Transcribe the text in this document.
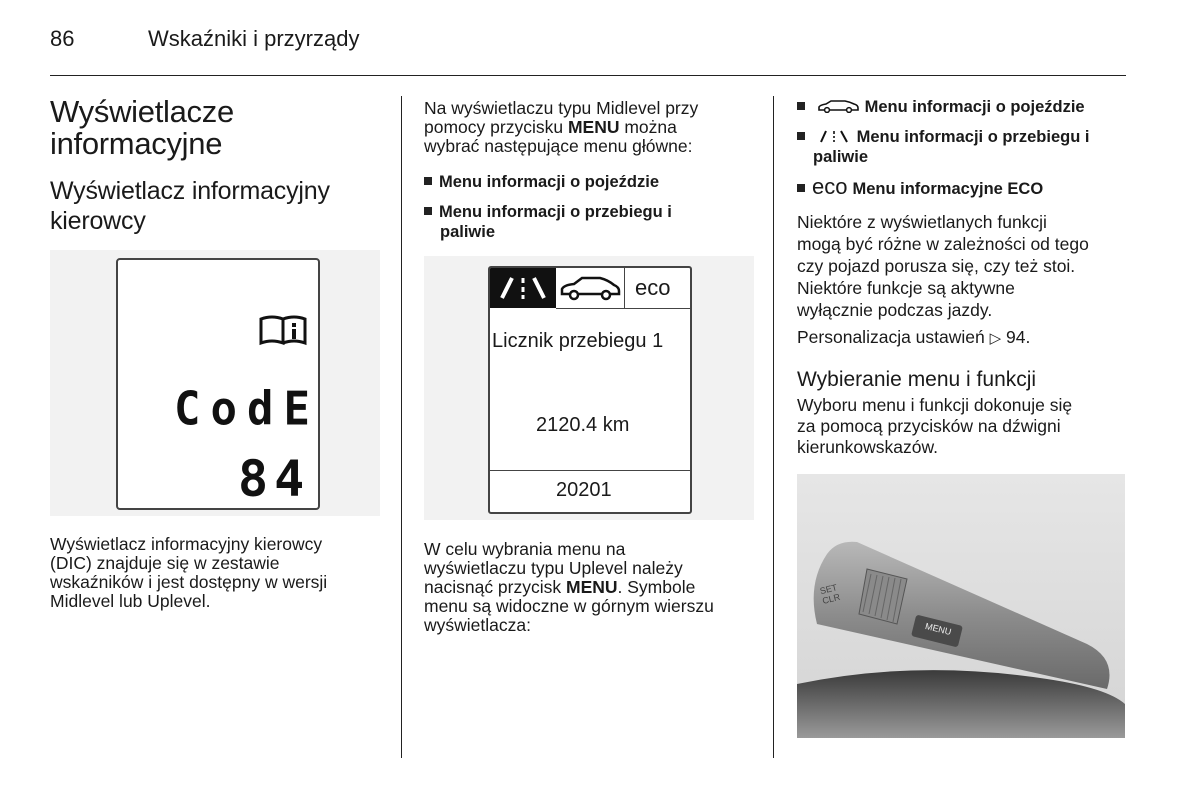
86	Wskaźniki i przyrządy
Wyświetlacze
informacyjne
Wyświetlacz informacyjny
kierowcy
CodE
84
Wyświetlacz informacyjny kierowcy
(DIC) znajduje się w zestawie
wskaźników i jest dostępny w wersji
Midlevel lub Uplevel.
Na wyświetlaczu typu Midlevel przy
pomocy przycisku MENU można
wybrać następujące menu główne:
Menu informacji o pojeździe
Menu informacji o przebiegu i
paliwie
eco
Licznik przebiegu 1
2120.4 km
20201
W celu wybrania menu na
wyświetlaczu typu Uplevel należy
nacisnąć przycisk MENU. Symbole
menu są widoczne w górnym wierszu
wyświetlacza:
Menu informacji o pojeździe
Menu informacji o przebiegu i
paliwie
eco Menu informacyjne ECO
Niektóre z wyświetlanych funkcji
mogą być różne w zależności od tego
czy pojazd porusza się, czy też stoi.
Niektóre funkcje są aktywne
wyłącznie podczas jazdy.
Personalizacja ustawień ▷ 94.
Wybieranie menu i funkcji
Wyboru menu i funkcji dokonuje się
za pomocą przycisków na dźwigni
kierunkowskazów.
SET
CLR
MENU
